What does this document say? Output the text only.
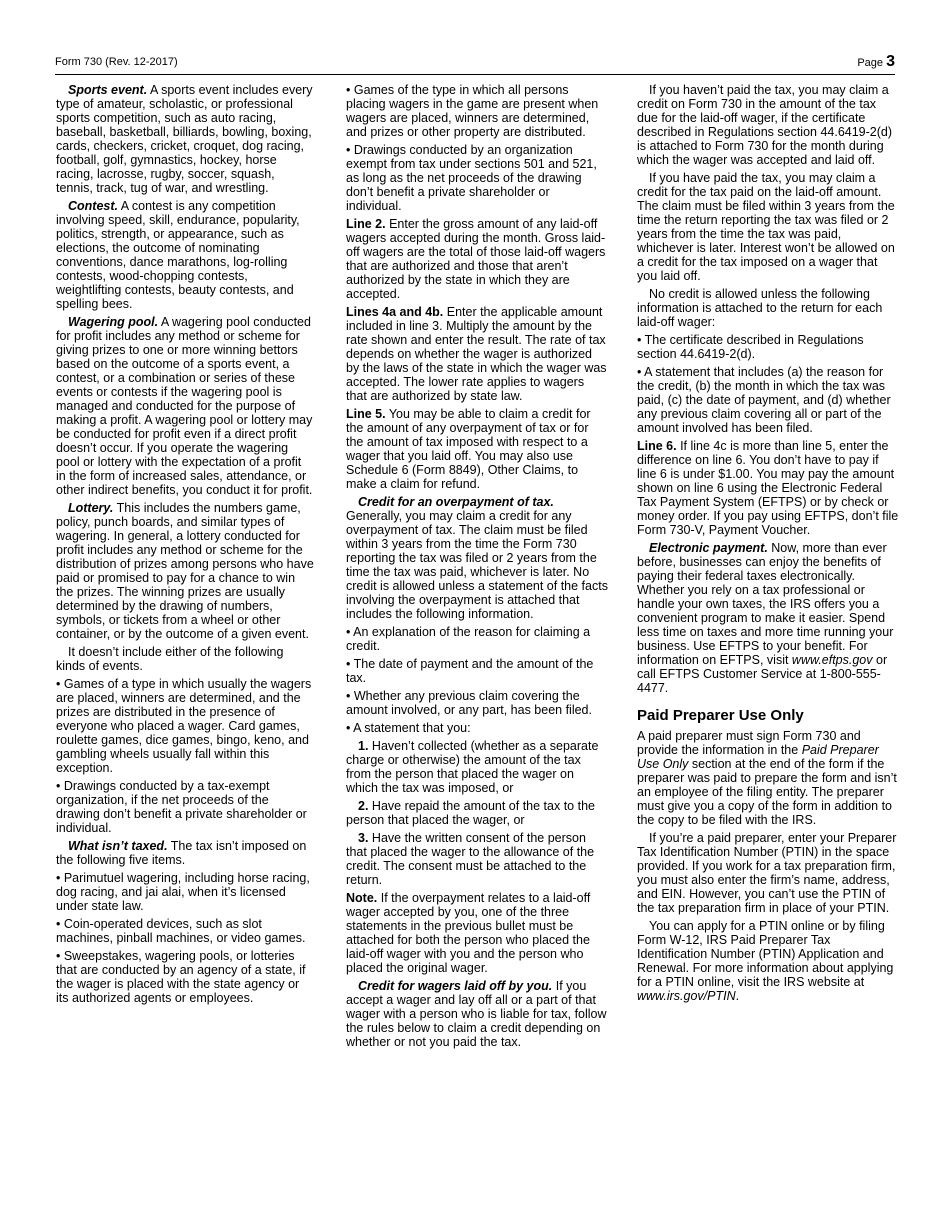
Form 730 (Rev. 12-2017)	Page 3

Sports event. A sports event includes every type of amateur, scholastic, or professional sports competition, such as auto racing, baseball, basketball, billiards, bowling, boxing, cards, checkers, cricket, croquet, dog racing, football, golf, gymnastics, hockey, horse racing, lacrosse, rugby, soccer, squash, tennis, track, tug of war, and wrestling.

Contest. A contest is any competition involving speed, skill, endurance, popularity, politics, strength, or appearance, such as elections, the outcome of nominating conventions, dance marathons, log-rolling contests, wood-chopping contests, weightlifting contests, beauty contests, and spelling bees.

Wagering pool. A wagering pool conducted for profit includes any method or scheme for giving prizes to one or more winning bettors based on the outcome of a sports event, a contest, or a combination or series of these events or contests if the wagering pool is managed and conducted for the purpose of making a profit. A wagering pool or lottery may be conducted for profit even if a direct profit doesn’t occur. If you operate the wagering pool or lottery with the expectation of a profit in the form of increased sales, attendance, or other indirect benefits, you conduct it for profit.

Lottery. This includes the numbers game, policy, punch boards, and similar types of wagering. In general, a lottery conducted for profit includes any method or scheme for the distribution of prizes among persons who have paid or promised to pay for a chance to win the prizes. The winning prizes are usually determined by the drawing of numbers, symbols, or tickets from a wheel or other container, or by the outcome of a given event.

It doesn’t include either of the following kinds of events.

• Games of a type in which usually the wagers are placed, winners are determined, and the prizes are distributed in the presence of everyone who placed a wager. Card games, roulette games, dice games, bingo, keno, and gambling wheels usually fall within this exception.

• Drawings conducted by a tax-exempt organization, if the net proceeds of the drawing don’t benefit a private shareholder or individual.

What isn’t taxed. The tax isn’t imposed on the following five items.

• Parimutuel wagering, including horse racing, dog racing, and jai alai, when it’s licensed under state law.

• Coin-operated devices, such as slot machines, pinball machines, or video games.

• Sweepstakes, wagering pools, or lotteries that are conducted by an agency of a state, if the wager is placed with the state agency or its authorized agents or employees.

• Games of the type in which all persons placing wagers in the game are present when wagers are placed, winners are determined, and prizes or other property are distributed.

• Drawings conducted by an organization exempt from tax under sections 501 and 521, as long as the net proceeds of the drawing don’t benefit a private shareholder or individual.

Line 2. Enter the gross amount of any laid-off wagers accepted during the month. Gross laid-off wagers are the total of those laid-off wagers that are authorized and those that aren’t authorized by the state in which they are accepted.

Lines 4a and 4b. Enter the applicable amount included in line 3. Multiply the amount by the rate shown and enter the result. The rate of tax depends on whether the wager is authorized by the laws of the state in which the wager was accepted. The lower rate applies to wagers that are authorized by state law.

Line 5. You may be able to claim a credit for the amount of any overpayment of tax or for the amount of tax imposed with respect to a wager that you laid off. You may also use Schedule 6 (Form 8849), Other Claims, to make a claim for refund.

Credit for an overpayment of tax.
Generally, you may claim a credit for any overpayment of tax. The claim must be filed within 3 years from the time the Form 730 reporting the tax was filed or 2 years from the time the tax was paid, whichever is later. No credit is allowed unless a statement of the facts involving the overpayment is attached that includes the following information.

• An explanation of the reason for claiming a credit.

• The date of payment and the amount of the tax.

• Whether any previous claim covering the amount involved, or any part, has been filed.

• A statement that you:

1. Haven’t collected (whether as a separate charge or otherwise) the amount of the tax from the person that placed the wager on which the tax was imposed, or

2. Have repaid the amount of the tax to the person that placed the wager, or

3. Have the written consent of the person that placed the wager to the allowance of the credit. The consent must be attached to the return.

Note. If the overpayment relates to a laid-off wager accepted by you, one of the three statements in the previous bullet must be attached for both the person who placed the laid-off wager with you and the person who placed the original wager.

Credit for wagers laid off by you. If you accept a wager and lay off all or a part of that wager with a person who is liable for tax, follow the rules below to claim a credit depending on whether or not you paid the tax.

If you haven’t paid the tax, you may claim a credit on Form 730 in the amount of the tax due for the laid-off wager, if the certificate described in Regulations section 44.6419-2(d) is attached to Form 730 for the month during which the wager was accepted and laid off.

If you have paid the tax, you may claim a credit for the tax paid on the laid-off amount. The claim must be filed within 3 years from the time the return reporting the tax was filed or 2 years from the time the tax was paid, whichever is later. Interest won’t be allowed on a credit for the tax imposed on a wager that you laid off.

No credit is allowed unless the following information is attached to the return for each laid-off wager:

• The certificate described in Regulations section 44.6419-2(d).

• A statement that includes (a) the reason for the credit, (b) the month in which the tax was paid, (c) the date of payment, and (d) whether any previous claim covering all or part of the amount involved has been filed.

Line 6. If line 4c is more than line 5, enter the difference on line 6. You don’t have to pay if line 6 is under $1.00. You may pay the amount shown on line 6 using the Electronic Federal Tax Payment System (EFTPS) or by check or money order. If you pay using EFTPS, don’t file Form 730-V, Payment Voucher.

Electronic payment. Now, more than ever before, businesses can enjoy the benefits of paying their federal taxes electronically. Whether you rely on a tax professional or handle your own taxes, the IRS offers you a convenient program to make it easier. Spend less time on taxes and more time running your business. Use EFTPS to your benefit. For information on EFTPS, visit www.eftps.gov or call EFTPS Customer Service at 1-800-555-4477.

Paid Preparer Use Only

A paid preparer must sign Form 730 and provide the information in the Paid Preparer Use Only section at the end of the form if the preparer was paid to prepare the form and isn’t an employee of the filing entity. The preparer must give you a copy of the form in addition to the copy to be filed with the IRS.

If you’re a paid preparer, enter your Preparer Tax Identification Number (PTIN) in the space provided. If you work for a tax preparation firm, you must also enter the firm’s name, address, and EIN. However, you can’t use the PTIN of the tax preparation firm in place of your PTIN.

You can apply for a PTIN online or by filing Form W-12, IRS Paid Preparer Tax Identification Number (PTIN) Application and Renewal. For more information about applying for a PTIN online, visit the IRS website at www.irs.gov/PTIN.
